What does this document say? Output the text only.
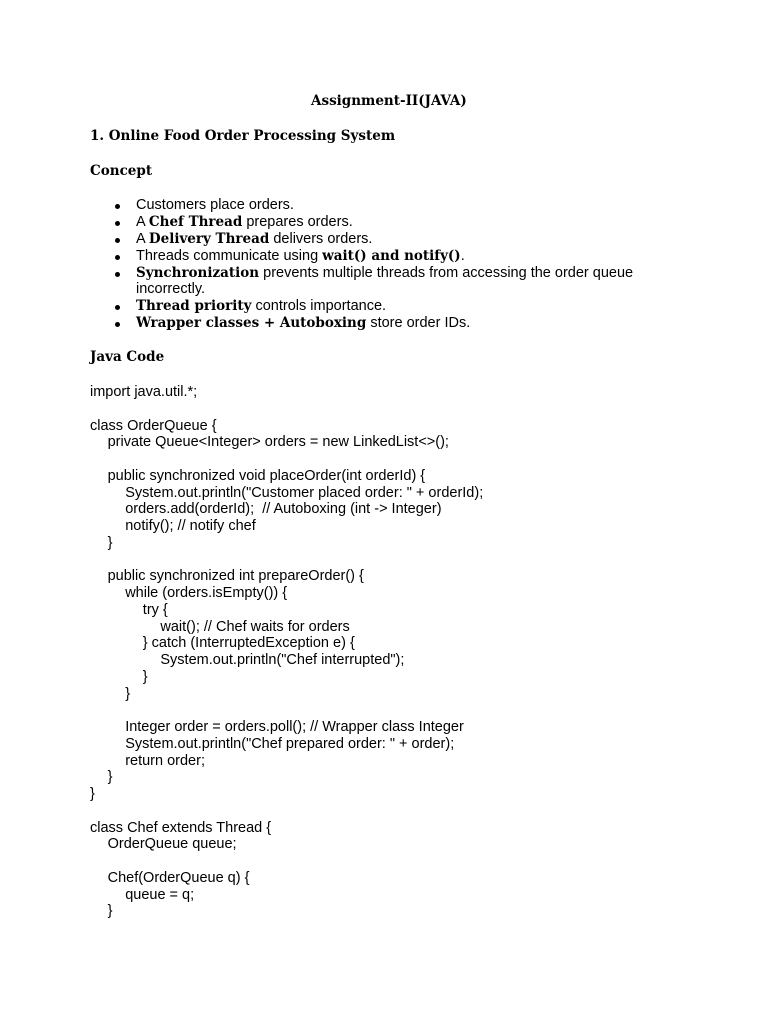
Assignment-II(JAVA)
1. Online Food Order Processing System
Concept
Customers place orders.
A Chef Thread prepares orders.
A Delivery Thread delivers orders.
Threads communicate using wait() and notify().
Synchronization prevents multiple threads from accessing the order queue
Thread priority controls importance.
Wrapper classes + Autoboxing store order IDs.
incorrectly.
Java Code
import java.util.*;
class OrderQueue {
private Queue<Integer> orders = new LinkedList<>();
public synchronized void placeOrder(int orderId) {
System.out.println("Customer placed order: " + orderId);
orders.add(orderId);  // Autoboxing (int -> Integer)
notify(); // notify chef
}
public synchronized int prepareOrder() {
while (orders.isEmpty()) {
try {
wait(); // Chef waits for orders
} catch (InterruptedException e) {
System.out.println("Chef interrupted");
}
}
Integer order = orders.poll(); // Wrapper class Integer
System.out.println("Chef prepared order: " + order);
return order;
}
}
class Chef extends Thread {
OrderQueue queue;
Chef(OrderQueue q) {
queue = q;
}
